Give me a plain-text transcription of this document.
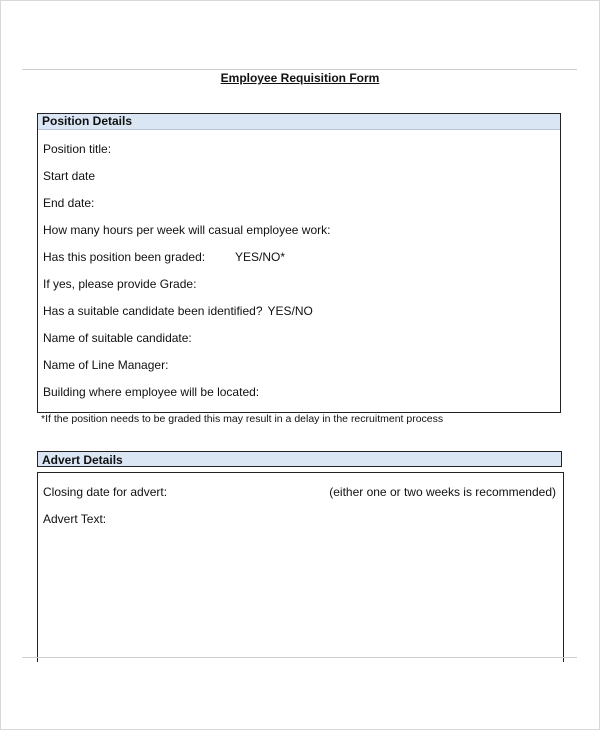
Employee Requisition Form
Position Details
Position title:
Start date
End date:
How many hours per week will casual employee work:
Has this position been graded: YES/NO*
If yes, please provide Grade:
Has a suitable candidate been identified? YES/NO
Name of suitable candidate:
Name of Line Manager:
Building where employee will be located:
*If the position needs to be graded this may result in a delay in the recruitment process
Advert Details
Closing date for advert:	(either one or two weeks is recommended)
Advert Text:
